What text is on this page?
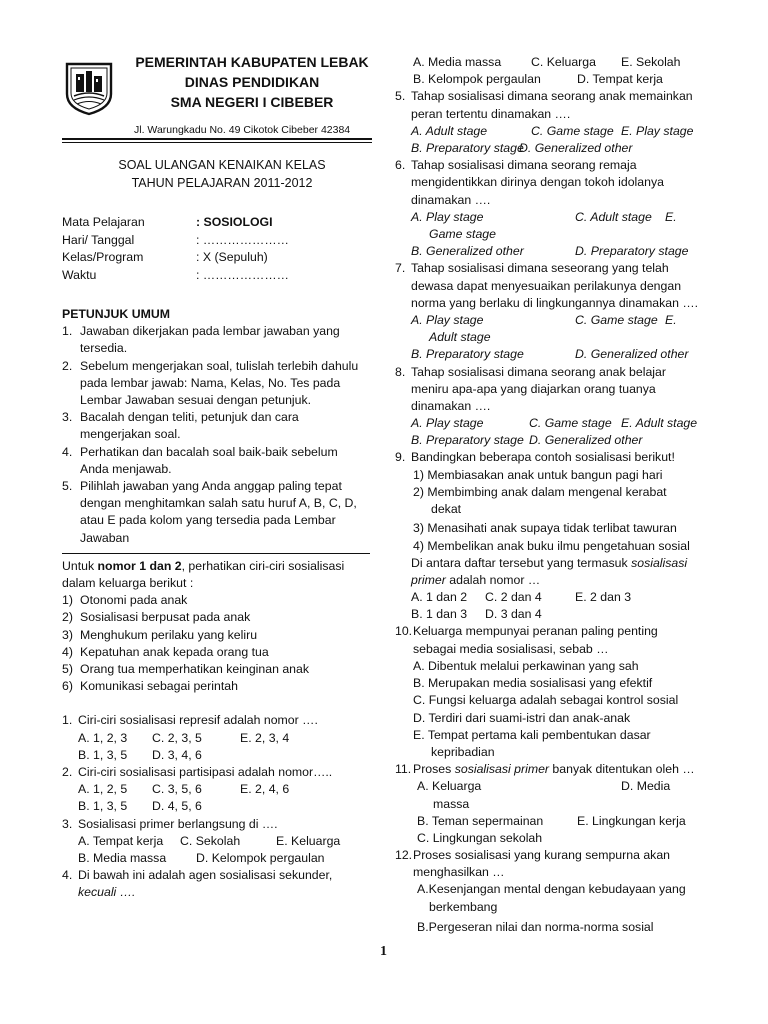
PEMERINTAH KABUPATEN LEBAK
DINAS PENDIDIKAN
SMA NEGERI I CIBEBER
Jl. Warungkadu No. 49 Cikotok Cibeber 42384
SOAL ULANGAN KENAIKAN KELAS
TAHUN PELAJARAN 2011-2012
Mata Pelajaran	: SOSIOLOGI
Hari/ Tanggal	: …………………
Kelas/Program	: X (Sepuluh)
Waktu	: …………………
PETUNJUK UMUM
1. Jawaban dikerjakan pada lembar jawaban yang
tersedia.
2. Sebelum mengerjakan soal, tulislah terlebih dahulu
pada lembar jawab: Nama, Kelas, No. Tes pada
Lembar Jawaban sesuai dengan petunjuk.
3. Bacalah dengan teliti, petunjuk dan cara
mengerjakan soal.
4. Perhatikan dan bacalah soal baik-baik sebelum
Anda menjawab.
5. Pilihlah jawaban yang Anda anggap paling tepat
dengan menghitamkan salah satu huruf A, B, C, D,
atau E pada kolom yang tersedia pada Lembar
Jawaban
Untuk nomor 1 dan 2, perhatikan ciri-ciri sosialisasi
dalam keluarga berikut :
1) Otonomi pada anak
2) Sosialisasi berpusat pada anak
3) Menghukum perilaku yang keliru
4) Kepatuhan anak kepada orang tua
5) Orang tua memperhatikan keinginan anak
6) Komunikasi sebagai perintah
1. Ciri-ciri sosialisasi represif adalah nomor ….
A. 1, 2, 3 C. 2, 3, 5	E. 2, 3, 4
B. 1, 3, 5 D. 3, 4, 6
2. Ciri-ciri sosialisasi partisipasi adalah nomor…..
A. 1, 2, 5 C. 3, 5, 6	E. 2, 4, 6
B. 1, 3, 5 D. 4, 5, 6
3. Sosialisasi primer berlangsung di ….
A. Tempat kerja C. Sekolah	E. Keluarga
B. Media massa D. Kelompok pergaulan
4. Di bawah ini adalah agen sosialisasi sekunder,
kecuali ….
A. Media massa C. Keluarga E. Sekolah
B. Kelompok pergaulan	D. Tempat kerja
5. Tahap sosialisasi dimana seorang anak memainkan
peran tertentu dinamakan ….
A. Adult stage	C. Game stage E. Play stage
B. Preparatory stage
D. Generalized other
6. Tahap sosialisasi dimana seorang remaja
mengidentikkan dirinya dengan tokoh idolanya
dinamakan ….
A. Play stage	C. Adult stage E.
Game stage
B. Generalized other	D. Preparatory stage
7. Tahap sosialisasi dimana seseorang yang telah
dewasa dapat menyesuaikan perilakunya dengan
norma yang berlaku di lingkungannya dinamakan ….
A. Play stage	C. Game stage E.
Adult stage
B. Preparatory stage	D. Generalized other
8. Tahap sosialisasi dimana seorang anak belajar
meniru apa-apa yang diajarkan orang tuanya
dinamakan ….
A. Play stage	C. Game stage E. Adult stage
B. Preparatory stage D. Generalized other
9. Bandingkan beberapa contoh sosialisasi berikut!
1) Membiasakan anak untuk bangun pagi hari
2) Membimbing anak dalam mengenal kerabat
dekat
3) Menasihati anak supaya tidak terlibat tawuran
4) Membelikan anak buku ilmu pengetahuan sosial
Di antara daftar tersebut yang termasuk sosialisasi
primer adalah nomor …
A. 1 dan 2 C. 2 dan 4	E. 2 dan 3
B. 1 dan 3 D. 3 dan 4
10. Keluarga mempunyai peranan paling penting
sebagai media sosialisasi, sebab …
A. Dibentuk melalui perkawinan yang sah
B. Merupakan media sosialisasi yang efektif
C. Fungsi keluarga adalah sebagai kontrol sosial
D. Terdiri dari suami-istri dan anak-anak
E. Tempat pertama kali pembentukan dasar
kepribadian
11. Proses sosialisasi primer banyak ditentukan oleh …
A. Keluarga	D. Media
massa
B. Teman sepermainan	E. Lingkungan kerja
C. Lingkungan sekolah
12. Proses sosialisasi yang kurang sempurna akan
menghasilkan …
A.Kesenjangan mental dengan kebudayaan yang
berkembang
B.Pergeseran nilai dan norma-norma sosial
1
